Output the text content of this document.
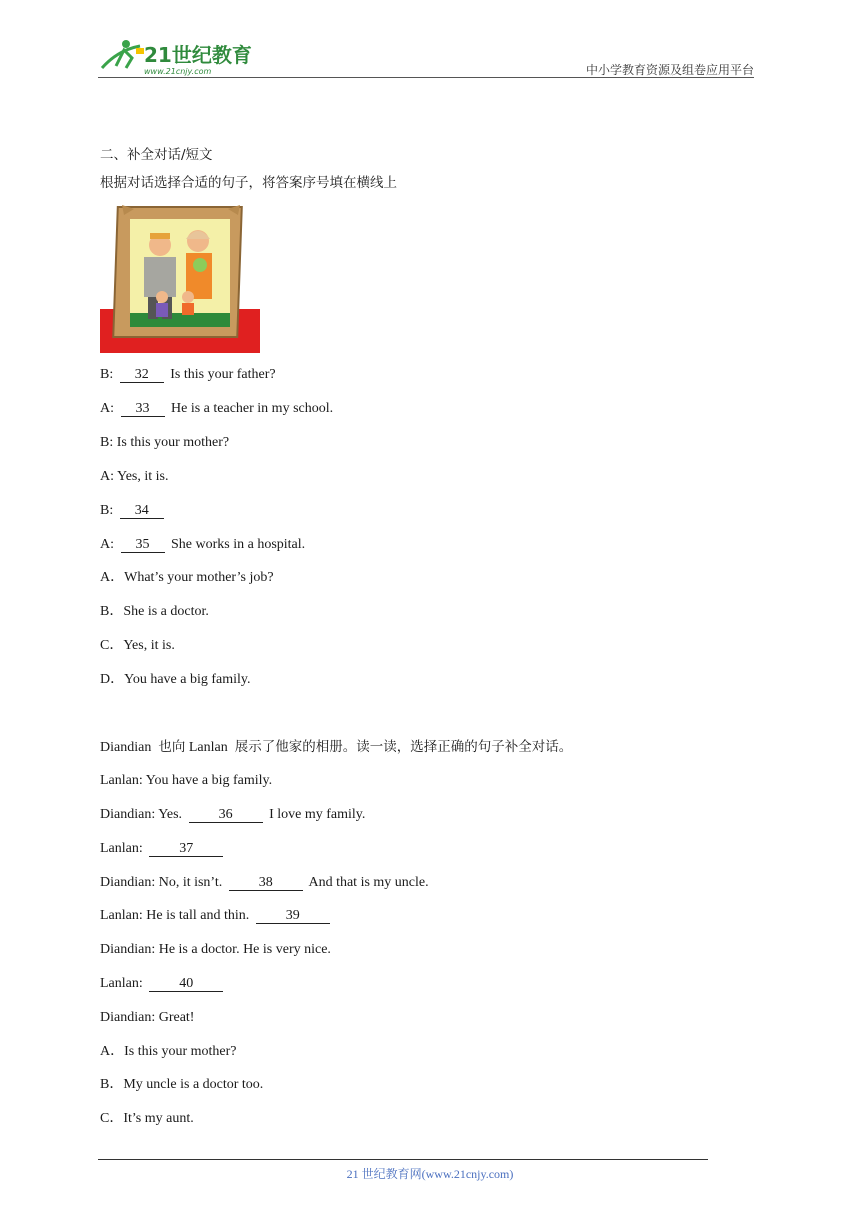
21世纪教育
www.21cnjy.com	中小学教育资源及组卷应用平台
二、补全对话/短文
根据对话选择合适的句子，将答案序号填在横线上
B: 32 Is this your father?
A: 33 He is a teacher in my school.
B: Is this your mother?
A: Yes, it is.
B: 34
A: 35 She works in a hospital.
A．What’s your mother’s job?
B．She is a doctor.
C．Yes, it is.
D．You have a big family.
Diandian 也向 Lanlan 展示了他家的相册。读一读，选择正确的句子补全对话。
Lanlan: You have a big family.
Diandian: Yes.	36	I love my family.
Lanlan:	37
Diandian: No, it isn’t.	38	And that is my uncle.
Lanlan: He is tall and thin.	39
Diandian: He is a doctor. He is very nice.
Lanlan:	40
Diandian: Great!
A．Is this your mother?
B．My uncle is a doctor too.
C．It’s my aunt.
21 世纪教育网(www.21cnjy.com)
